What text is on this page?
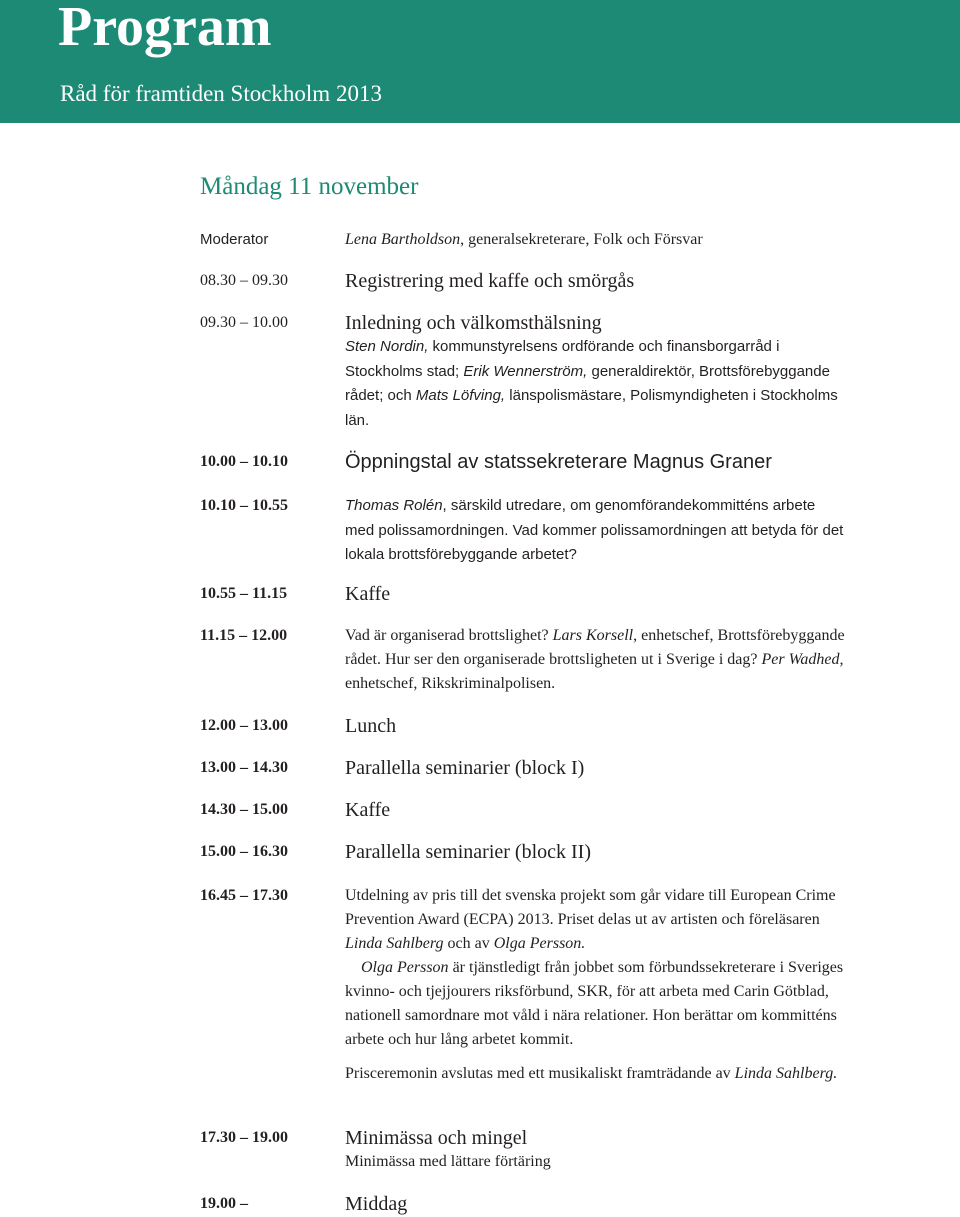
Program
Råd för framtiden Stockholm 2013
Måndag 11 november
Moderator	Lena Bartholdson, generalsekreterare, Folk och Försvar
08.30 – 09.30	Registrering med kaffe och smörgås
09.30 – 10.00	Inledning och välkomsthälsning
Sten Nordin, kommunstyrelsens ordförande och finansborgarråd i Stockholms stad; Erik Wennerström, generaldirektör, Brottsförebyggande rådet; och Mats Löfving, länspolismästare, Polismyndigheten i Stockholms län.
10.00 – 10.10	Öppningstal av statssekreterare Magnus Graner
10.10 – 10.55	Thomas Rolén, särskild utredare, om genomförandekommitténs arbete med polissamordningen. Vad kommer polissamordningen att betyda för det lokala brottsförebyggande arbetet?
10.55 – 11.15	Kaffe
11.15 – 12.00	Vad är organiserad brottslighet? Lars Korsell, enhetschef, Brottsförebyggande rådet. Hur ser den organiserade brottsligheten ut i Sverige i dag? Per Wadhed, enhetschef, Rikskriminalpolisen.
12.00 – 13.00	Lunch
13.00 – 14.30	Parallella seminarier (block I)
14.30 – 15.00	Kaffe
15.00 – 16.30	Parallella seminarier (block II)
16.45 – 17.30	Utdelning av pris till det svenska projekt som går vidare till European Crime Prevention Award (ECPA) 2013. Priset delas ut av artisten och föreläsaren Linda Sahlberg och av Olga Persson.
Olga Persson är tjänstledigt från jobbet som förbundssekreterare i Sveriges kvinno- och tjejjourers riksförbund, SKR, för att arbeta med Carin Götblad, nationell samordnare mot våld i nära relationer. Hon berättar om kommitténs arbete och hur lång arbetet kommit.
Prisceremonin avslutas med ett musikaliskt framträdande av Linda Sahlberg.
17.30 – 19.00	Minimässa och mingel
Minimässa med lättare förtäring
19.00 –	Middag
